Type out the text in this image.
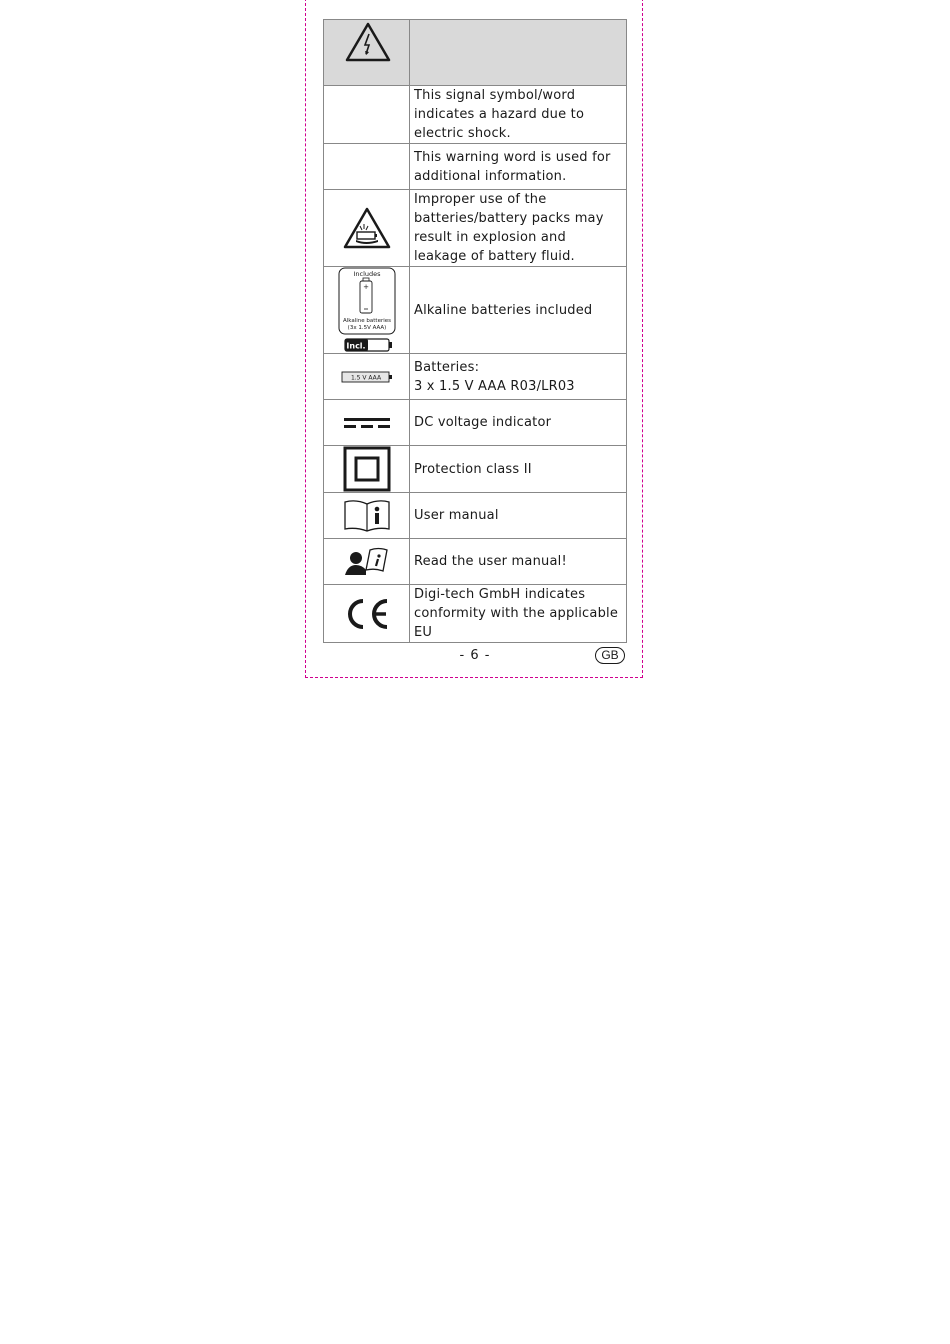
	This signal symbol/word indicates a hazard due to electric shock.
	This warning word is used for additional information.

	Improper use of the batteries/battery packs may result in explosion and leakage of battery fluid.

Includes
+
Alkaline batteries
(3x 1.5V AAA)
Incl.	Alkaline batteries included

1.5 V AAA	Batteries:
3 x 1.5 V AAA R03/LR03

	DC voltage indicator

	Protection class II

	User manual

	Read the user manual!

	Digi-tech GmbH indicates conformity with the applicable EU
- 6 -	GB
